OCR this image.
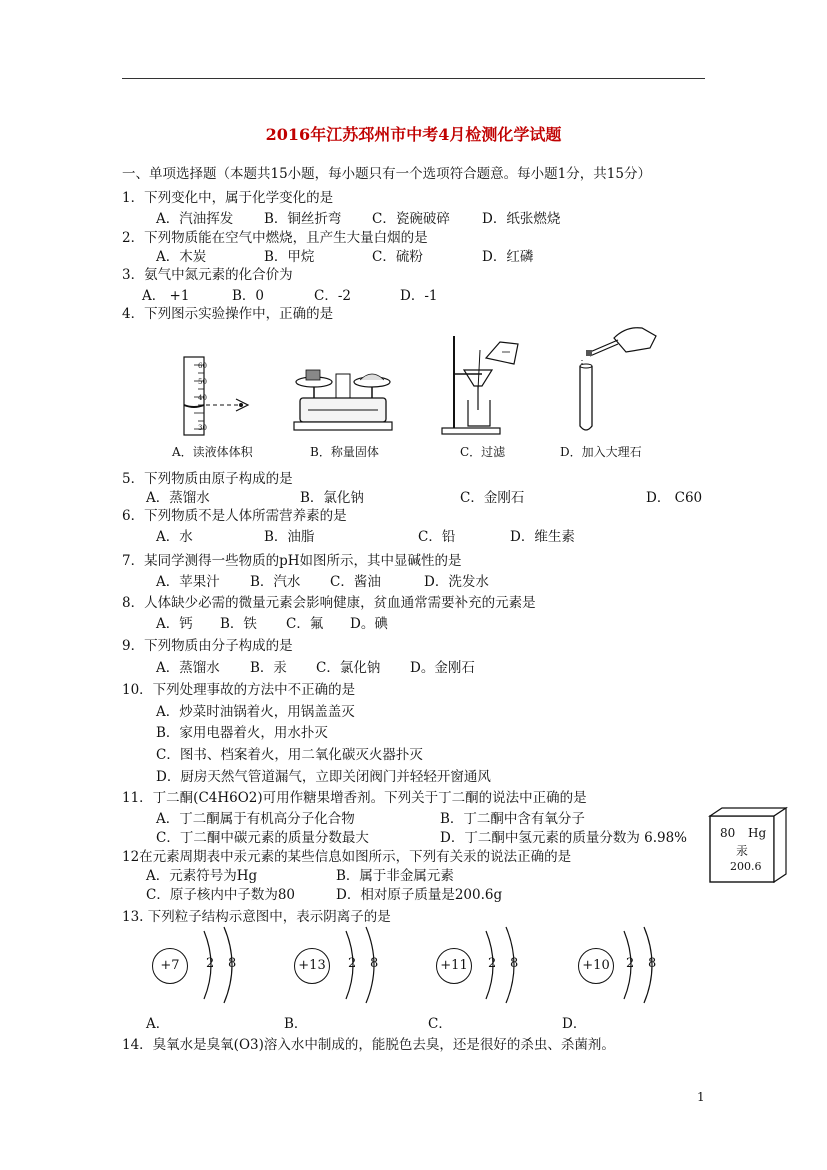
2016年江苏邳州市中考4月检测化学试题
一、单项选择题（本题共15小题，每小题只有一个选项符合题意。每小题1分，共15分）
1．下列变化中，属于化学变化的是
A．汽油挥发 B．铜丝折弯 C．瓷碗破碎 D．纸张燃烧
2．下列物质能在空气中燃烧，且产生大量白烟的是
A．木炭	B．甲烷	C．硫粉	D．红磷
3．氨气中氮元素的化合价为
A． +1	B．0	C．-2	D．-1
4．下列图示实验操作中，正确的是
60
50
40
30
A．读液体体积	B．称量固体	C．过滤	D．加入大理石
5．下列物质由原子构成的是
A．蒸馏水	B．氯化钠	C．金刚石	D． C60
6．下列物质不是人体所需营养素的是
A．水	B．油脂	C．铅	D．维生素
7．某同学测得一些物质的pH如图所示，其中显碱性的是
A．苹果汁 B．汽水 C．酱油	D．洗发水
8．人体缺少必需的微量元素会影响健康，贫血通常需要补充的元素是
A．钙 B．铁 C．氟 D。碘
9．下列物质由分子构成的是
A．蒸馏水 B．汞 C．氯化钠 D。金刚石
10．下列处理事故的方法中不正确的是
A．炒菜时油锅着火，用锅盖盖灭
B．家用电器着火，用水扑灭
C．图书、档案着火，用二氧化碳灭火器扑灭
D．厨房天然气管道漏气，立即关闭阀门并轻轻开窗通风
11．丁二酮(C4H6O2)可用作糖果增香剂。下列关于丁二酮的说法中正确的是
A．丁二酮属于有机高分子化合物	B．丁二酮中含有氧分子
C．丁二酮中碳元素的质量分数最大	D．丁二酮中氢元素的质量分数为 6.98%	80 Hg
汞
200.6
12在元素周期表中汞元素的某些信息如图所示，下列有关汞的说法正确的是
A．元素符号为Hg	B．属于非金属元素
C．原子核内中子数为80	D．相对原子质量是200.6g
13. 下列粒子结构示意图中，表示阴离子的是
+7	2 8	+13	2 8	+11	2 8	+10	2 8
A．	B．	C．	D．
14．臭氧水是臭氧(O3)溶入水中制成的，能脱色去臭，还是很好的杀虫、杀菌剂。
1
